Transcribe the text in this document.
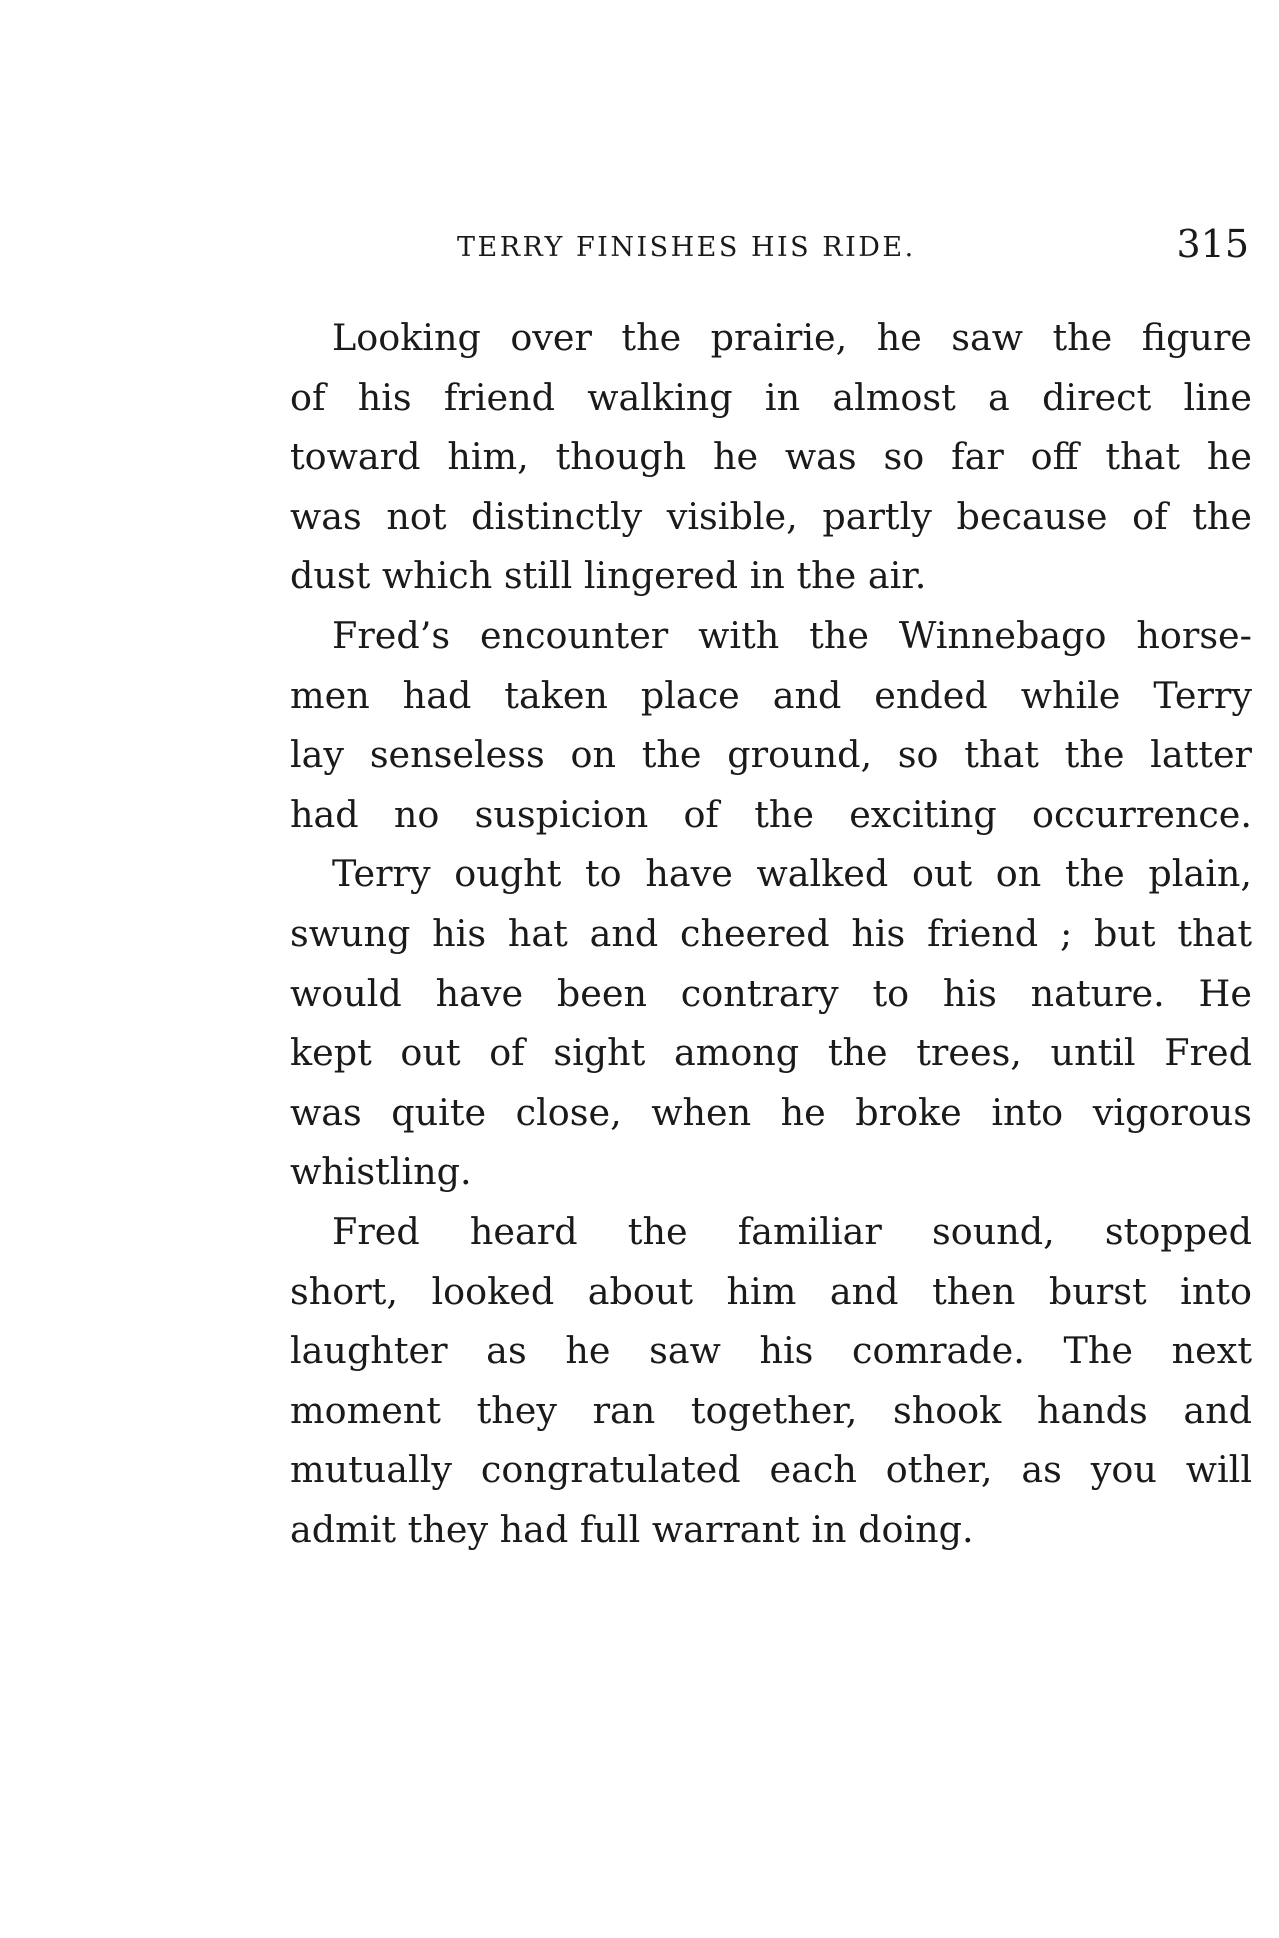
TERRY FINISHES HIS RIDE.	315
Looking over the prairie, he saw the figure
of his friend walking in almost a direct line
toward him, though he was so far off that he
was not distinctly visible, partly because of the
dust which still lingered in the air.
Fred’s encounter with the Winnebago horse-
men had taken place and ended while Terry
lay senseless on the ground, so that the latter
had no suspicion of the exciting occurrence.
Terry ought to have walked out on the plain,
swung his hat and cheered his friend ; but that
would have been contrary to his nature. He
kept out of sight among the trees, until Fred
was quite close, when he broke into vigorous
whistling.
Fred heard the familiar sound, stopped
short, looked about him and then burst into
laughter as he saw his comrade. The next
moment they ran together, shook hands and
mutually congratulated each other, as you will
admit they had full warrant in doing.
